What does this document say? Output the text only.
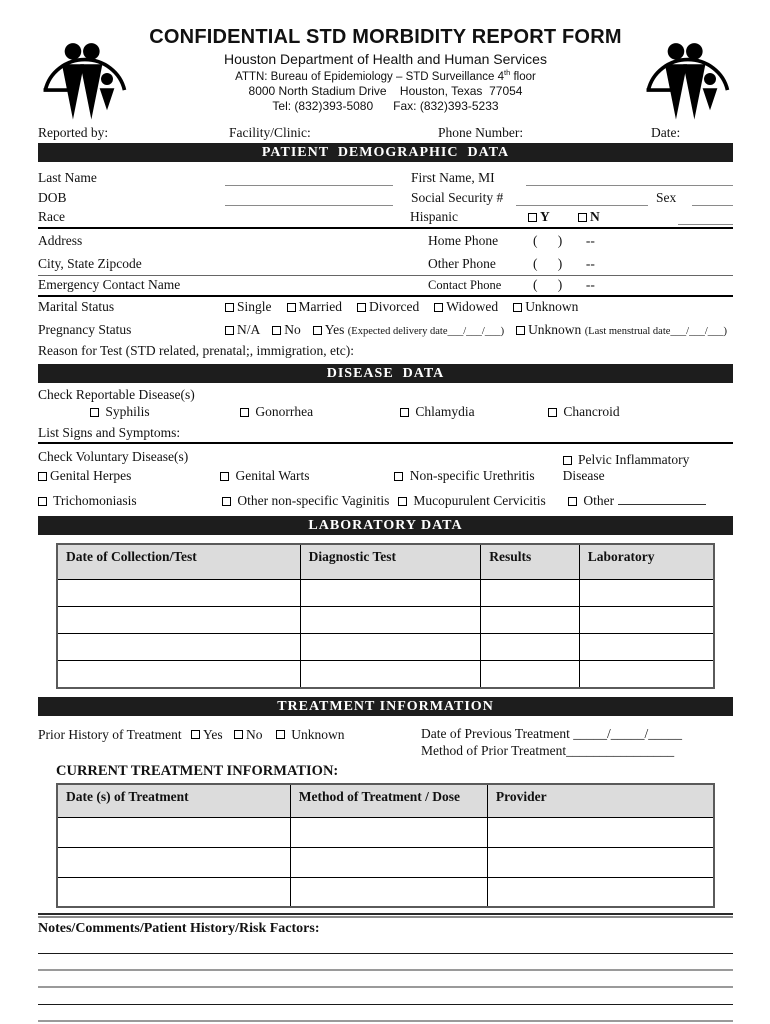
CONFIDENTIAL STD MORBIDITY REPORT FORM
Houston Department of Health and Human Services
ATTN: Bureau of Epidemiology – STD Surveillance 4th floor
8000 North Stadium Drive    Houston, Texas  77054
Tel: (832)393-5080      Fax: (832)393-5233
Reported by:	Facility/Clinic:	Phone Number:	Date:
PATIENT  DEMOGRAPHIC  DATA
Last Name	First Name, MI
DOB	Social Security #	Sex
Race	Hispanic	Y	N
Address	Home Phone	(      )       --
City, State Zipcode	Other Phone	(      )       --
Emergency Contact Name	Contact Phone	(      )       --
Marital Status	Single	Married	Divorced	Widowed	Unknown
Pregnancy Status	N/A	No	Yes (Expected delivery date___/___/___)	Unknown (Last menstrual date___/___/___)
Reason for Test (STD related, prenatal;, immigration, etc):
DISEASE  DATA
Check Reportable Disease(s)
Syphilis	Gonorrhea	Chlamydia	Chancroid
List Signs and Symptoms:
Check Voluntary Disease(s)
Genital Herpes	Genital Warts	Non-specific Urethritis
Pelvic Inflammatory Disease
Trichomoniasis	Other non-specific Vaginitis	Mucopurulent Cervicitis	Other
LABORATORY DATA
Date of Collection/Test	Diagnostic Test	Results	Laboratory

TREATMENT INFORMATION
Prior History of Treatment Yes No Unknown	Date of Previous Treatment _____/_____/_____
Method of Prior Treatment________________
CURRENT TREATMENT INFORMATION:
Date (s) of Treatment	Method of Treatment / Dose	Provider

Notes/Comments/Patient History/Risk Factors:
